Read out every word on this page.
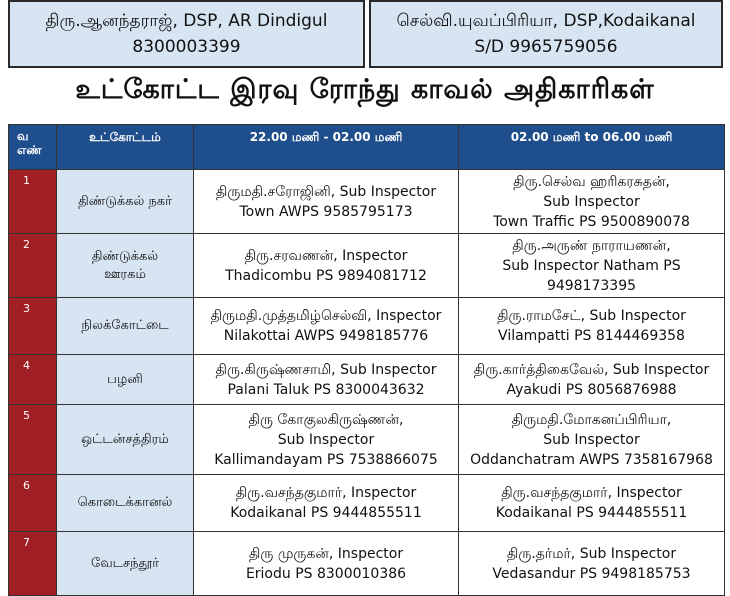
திரு.ஆனந்தராஜ், DSP, AR Dindigul
8300003399
செல்வி.யுவப்பிரியா, DSP,Kodaikanal
S/D 9965759056
உட்கோட்ட இரவு ரோந்து காவல் அதிகாரிகள்
வ
எண்	உட்கோட்டம்	22.00 மணி - 02.00 மணி	02.00 மணி to 06.00 மணி
1	திண்டுக்கல் நகர்	திருமதி.சரோஜினி, Sub Inspector
Town AWPS 9585795173	திரு.செல்வ ஹரிகரசுதன்,
Sub Inspector
Town Traffic PS 9500890078

2	திண்டுக்கல்
ஊரகம்	திரு.சரவணன், Inspector
Thadicombu PS 9894081712	திரு.அருண் நாராயணன்,
Sub Inspector Natham PS
9498173395

3	நிலக்கோட்டை	திருமதி.முத்தமிழ்செல்வி, Inspector
Nilakottai AWPS 9498185776	திரு.ராமசேட், Sub Inspector
Vilampatti PS 8144469358

4	பழனி	திரு.கிருஷ்ணசாமி, Sub Inspector
Palani Taluk PS 8300043632	திரு.கார்த்திகைவேல், Sub Inspector
Ayakudi PS 8056876988

5	ஒட்டன்சத்திரம்	திரு கோகுலகிருஷ்ணன்,
Sub Inspector
Kallimandayam PS 7538866075	திருமதி.மோகனப்பிரியா,
Sub Inspector
Oddanchatram AWPS 7358167968

6	கொடைக்கானல்	திரு.வசந்தகுமார், Inspector
Kodaikanal PS 9444855511	திரு.வசந்தகுமார், Inspector
Kodaikanal PS 9444855511

7	வேடசந்தூர்	திரு முருகன், Inspector
Eriodu PS 8300010386	திரு.தர்மர், Sub Inspector
Vedasandur PS 9498185753
